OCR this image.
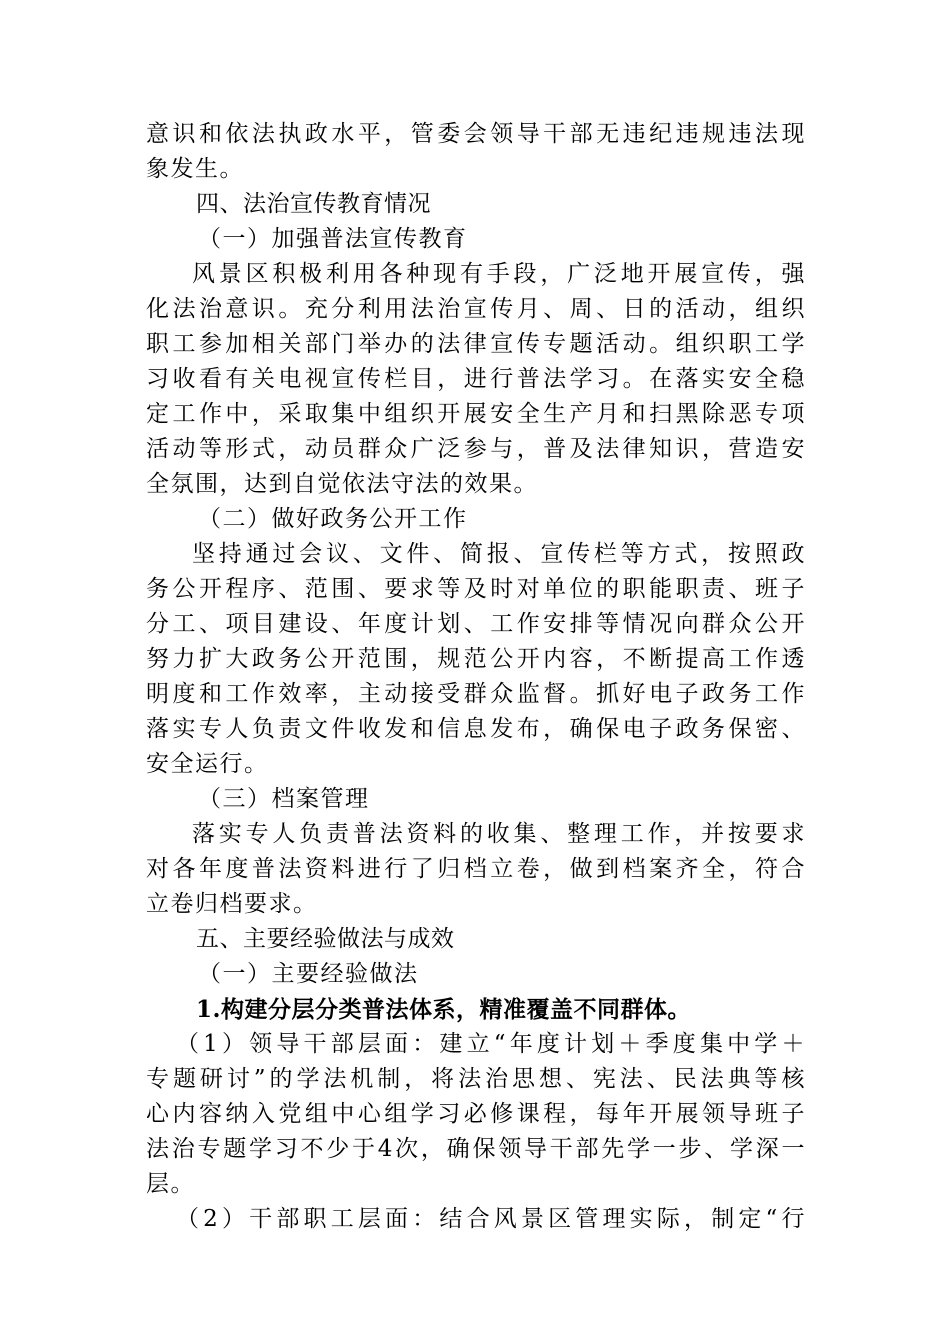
意识和依法执政水平，管委会领导干部无违纪违规违法现
象发生。
四、法治宣传教育情况
（一）加强普法宣传教育
风景区积极利用各种现有手段，广泛地开展宣传，强
化法治意识。充分利用法治宣传月、周、日的活动，组织
职工参加相关部门举办的法律宣传专题活动。组织职工学
习收看有关电视宣传栏目，进行普法学习。在落实安全稳
定工作中，采取集中组织开展安全生产月和扫黑除恶专项
活动等形式，动员群众广泛参与，普及法律知识，营造安
全氛围，达到自觉依法守法的效果。
（二）做好政务公开工作
坚持通过会议、文件、简报、宣传栏等方式，按照政
务公开程序、范围、要求等及时对单位的职能职责、班子
分工、项目建设、年度计划、工作安排等情况向群众公开
努力扩大政务公开范围，规范公开内容，不断提高工作透
明度和工作效率，主动接受群众监督。抓好电子政务工作
落实专人负责文件收发和信息发布，确保电子政务保密、
安全运行。
（三）档案管理
落实专人负责普法资料的收集、整理工作，并按要求
对各年度普法资料进行了归档立卷，做到档案齐全，符合
立卷归档要求。
五、主要经验做法与成效
（一）主要经验做法
1.构建分层分类普法体系，精准覆盖不同群体。
（1）领导干部层面：建立“年度计划＋季度集中学＋
专题研讨”的学法机制，将法治思想、宪法、民法典等核
心内容纳入党组中心组学习必修课程，每年开展领导班子
法治专题学习不少于4次，确保领导干部先学一步、学深一
层。
（2）干部职工层面：结合风景区管理实际，制定“行
